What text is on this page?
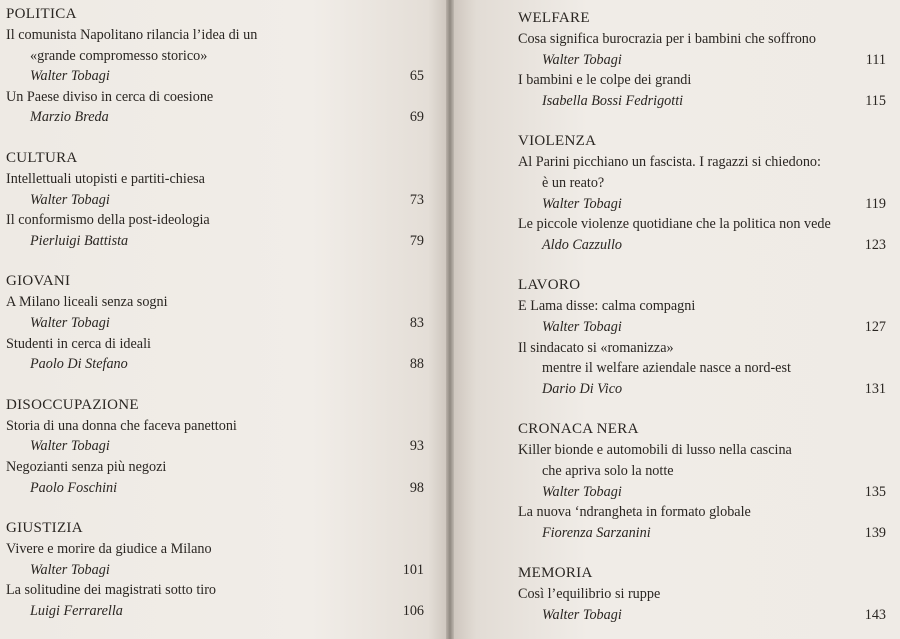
POLITICA
Il comunista Napolitano rilancia l’idea di un
«grande compromesso storico»
Walter Tobagi	65
Un Paese diviso in cerca di coesione
Marzio Breda	69
CULTURA
Intellettuali utopisti e partiti-chiesa
Walter Tobagi	73
Il conformismo della post-ideologia
Pierluigi Battista	79
GIOVANI
A Milano liceali senza sogni
Walter Tobagi	83
Studenti in cerca di ideali
Paolo Di Stefano	88
DISOCCUPAZIONE
Storia di una donna che faceva panettoni
Walter Tobagi	93
Negozianti senza più negozi
Paolo Foschini	98
GIUSTIZIA
Vivere e morire da giudice a Milano
Walter Tobagi	101
La solitudine dei magistrati sotto tiro
Luigi Ferrarella	106
WELFARE
Cosa significa burocrazia per i bambini che soffrono
Walter Tobagi	111
I bambini e le colpe dei grandi
Isabella Bossi Fedrigotti	115
VIOLENZA
Al Parini picchiano un fascista. I ragazzi si chiedono:
è un reato?
Walter Tobagi	119
Le piccole violenze quotidiane che la politica non vede
Aldo Cazzullo	123
LAVORO
E Lama disse: calma compagni
Walter Tobagi	127
Il sindacato si «romanizza»
mentre il welfare aziendale nasce a nord-est
Dario Di Vico	131
CRONACA NERA
Killer bionde e automobili di lusso nella cascina
che apriva solo la notte
Walter Tobagi	135
La nuova ‘ndrangheta in formato globale
Fiorenza Sarzanini	139
MEMORIA
Così l’equilibrio si ruppe
Walter Tobagi	143
